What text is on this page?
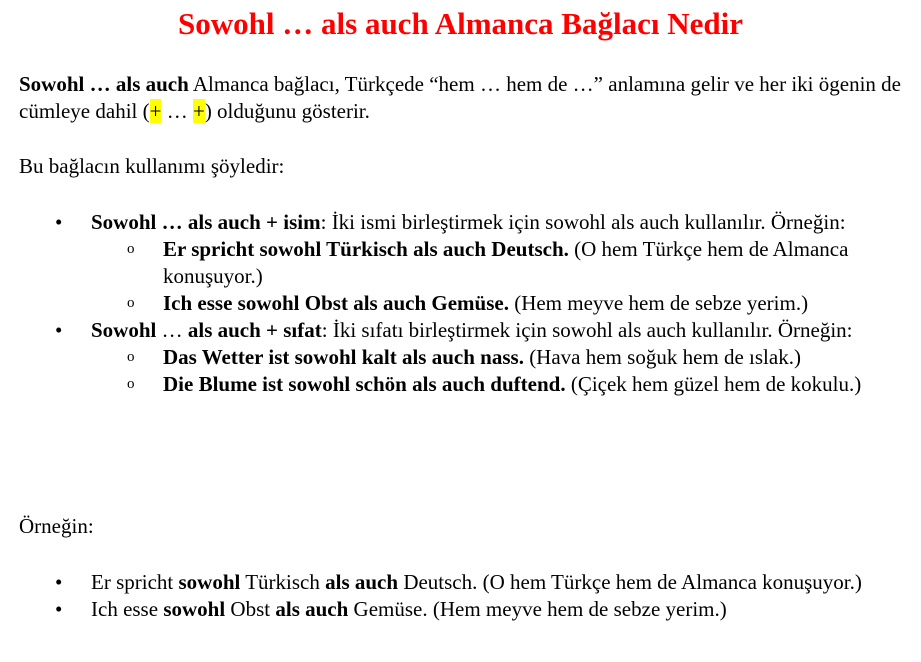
Sowohl … als auch Almanca Bağlacı Nedir

Sowohl … als auch Almanca bağlacı, Türkçede “hem … hem de …” anlamına gelir ve her iki ögenin de cümleye dahil (+ … +) olduğunu gösterir.

Bu bağlacın kullanımı şöyledir:

• Sowohl … als auch + isim: İki ismi birleştirmek için sowohl als auch kullanılır. Örneğin:
o Er spricht sowohl Türkisch als auch Deutsch. (O hem Türkçe hem de Almanca konuşuyor.)
o Ich esse sowohl Obst als auch Gemüse. (Hem meyve hem de sebze yerim.)
• Sowohl … als auch + sıfat: İki sıfatı birleştirmek için sowohl als auch kullanılır. Örneğin:
o Das Wetter ist sowohl kalt als auch nass. (Hava hem soğuk hem de ıslak.)
o Die Blume ist sowohl schön als auch duftend. (Çiçek hem güzel hem de kokulu.)

Örneğin:

• Er spricht sowohl Türkisch als auch Deutsch. (O hem Türkçe hem de Almanca konuşuyor.)
• Ich esse sowohl Obst als auch Gemüse. (Hem meyve hem de sebze yerim.)
